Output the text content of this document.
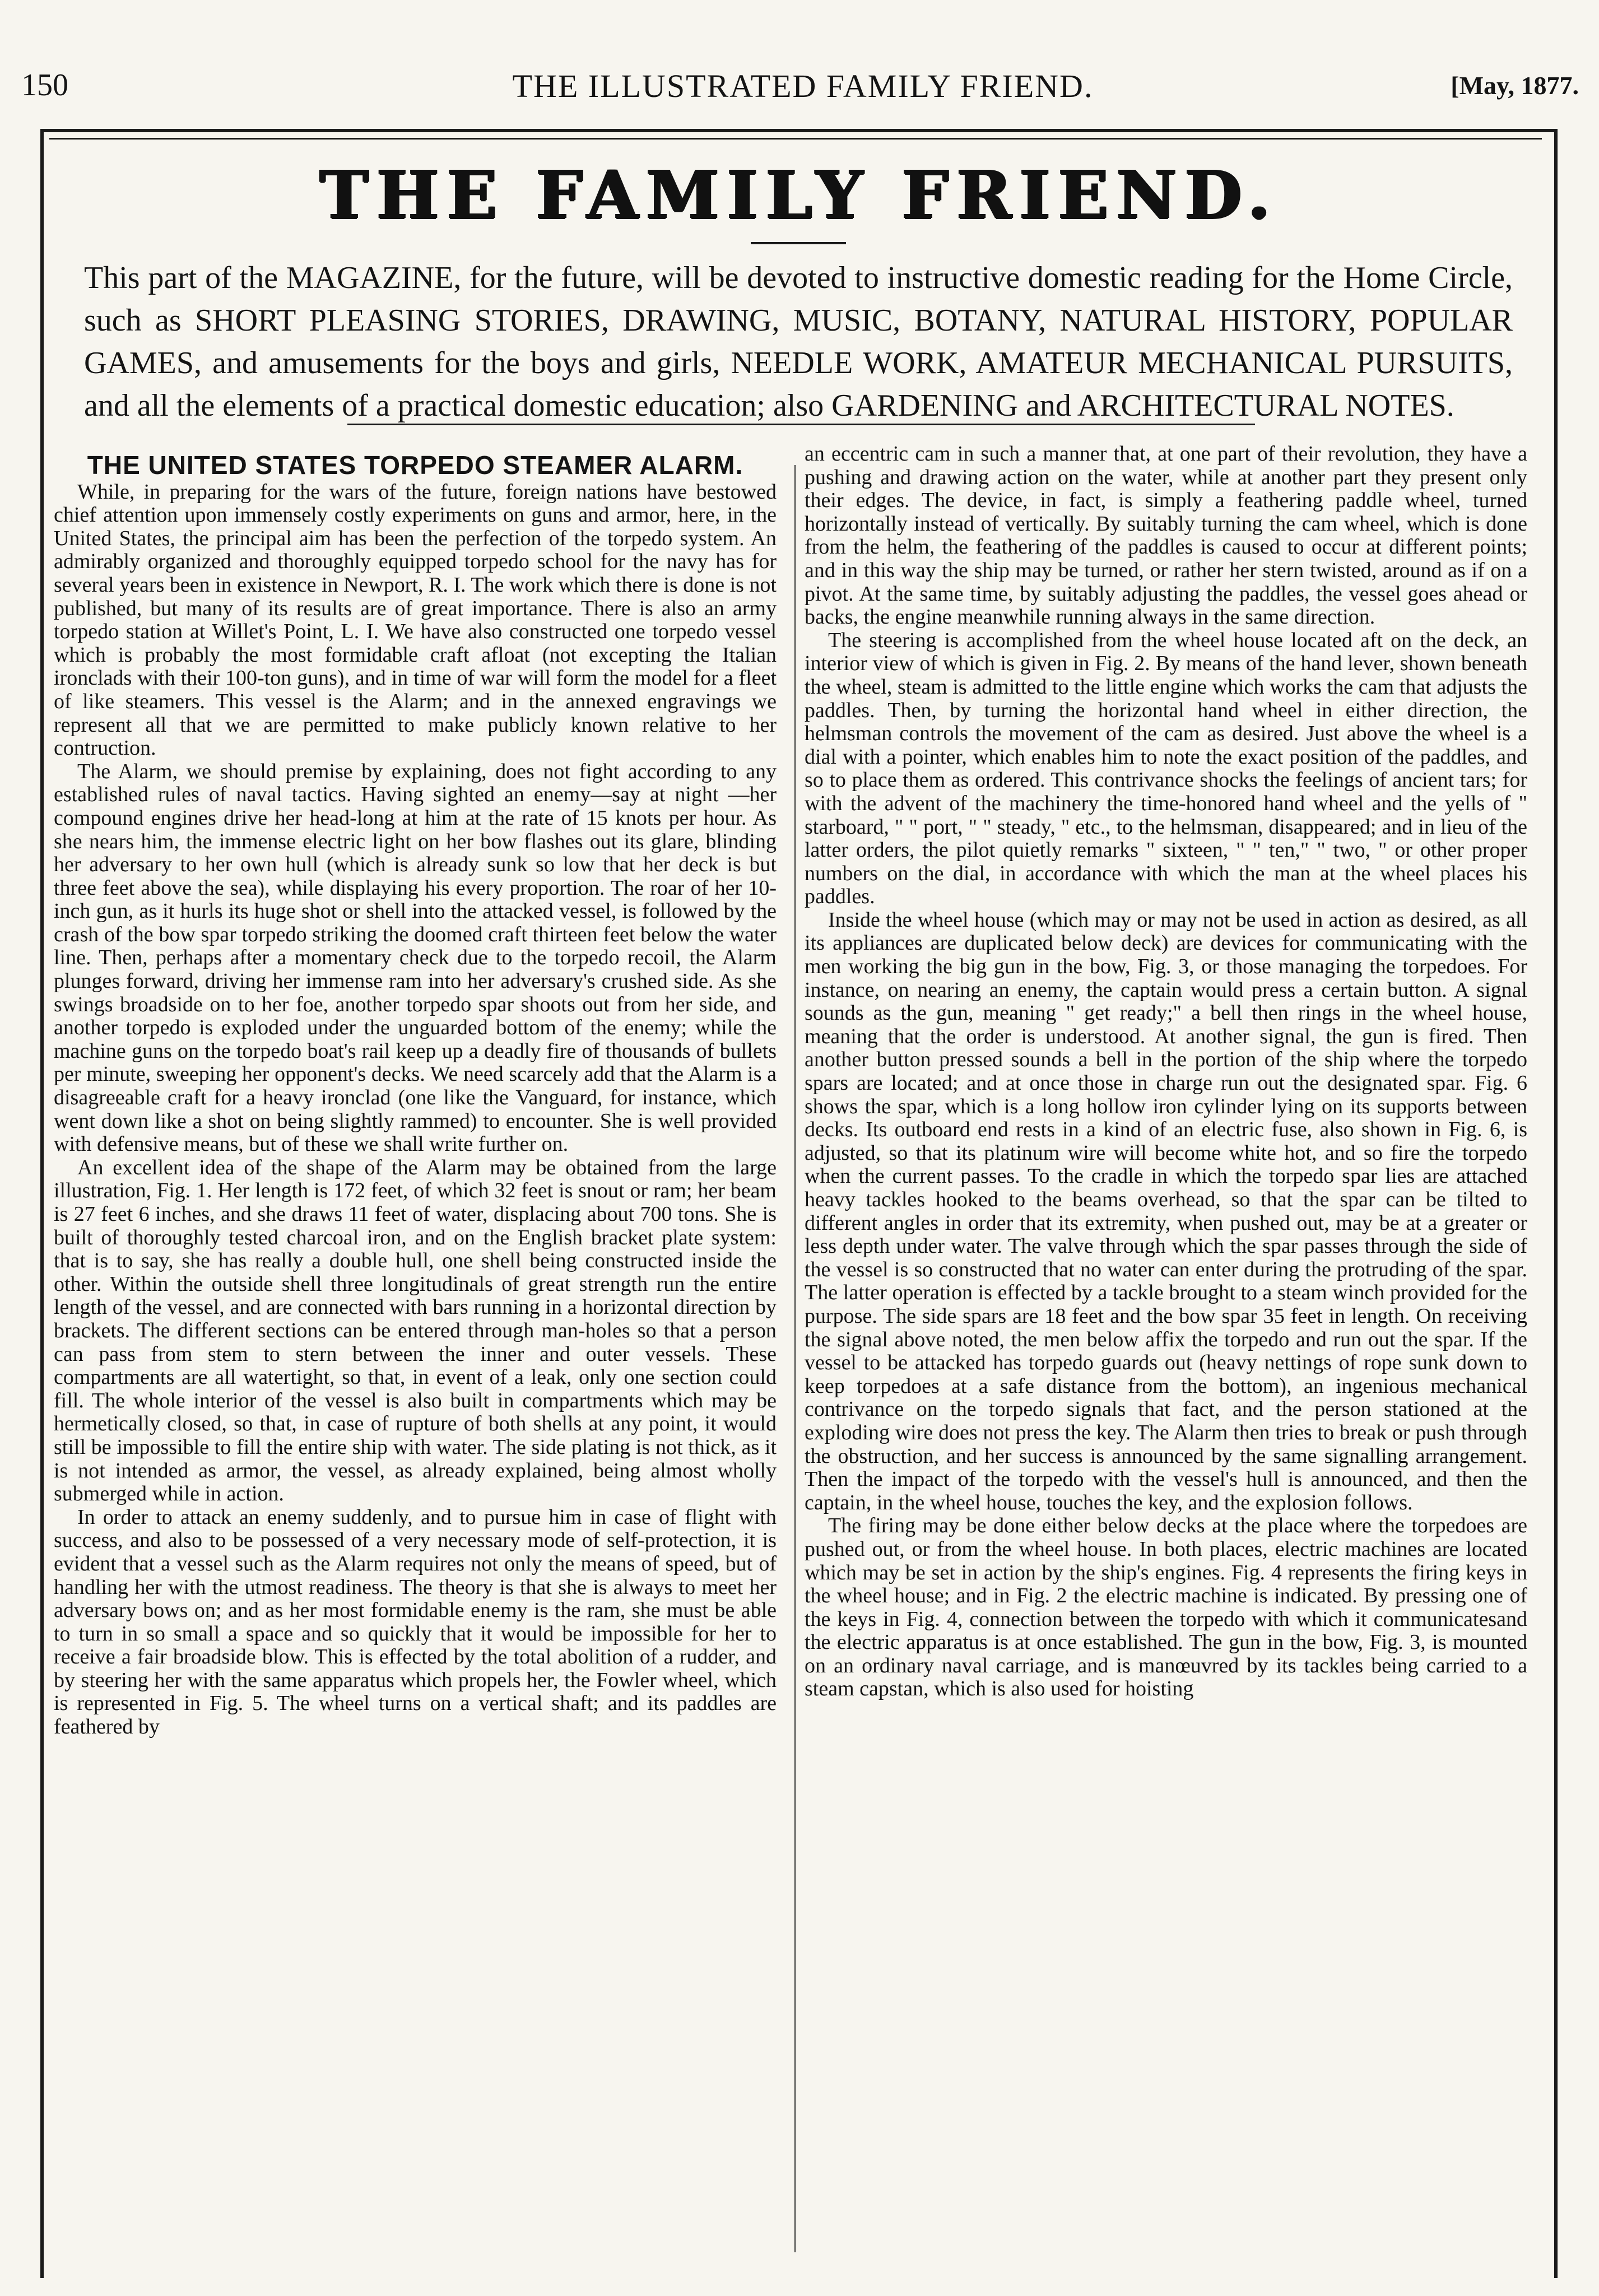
150	THE ILLUSTRATED FAMILY FRIEND.	[May, 1877.
THE FAMILY FRIEND.
This part of the MAGAZINE, for the future, will be devoted to instructive domestic reading for the Home Circle, such as SHORT PLEASING STORIES, DRAWING, MUSIC, BOTANY, NATURAL HISTORY, POPULAR GAMES, and amusements for the boys and girls, NEEDLE WORK, AMATEUR MECHANICAL PURSUITS, and all the elements of a practical domestic education; also GARDENING and ARCHITECTURAL NOTES.
THE UNITED STATES TORPEDO STEAMER ALARM.

While, in preparing for the wars of the future, foreign nations have bestowed chief attention upon immensely costly experiments on guns and armor, here, in the United States, the principal aim has been the perfection of the torpedo system. An admirably organized and thoroughly equipped torpedo school for the navy has for several years been in existence in Newport, R. I. The work which there is done is not published, but many of its results are of great importance. There is also an army torpedo station at Willet's Point, L. I. We have also constructed one torpedo vessel which is probably the most formidable craft afloat (not excepting the Italian ironclads with their 100-ton guns), and in time of war will form the model for a fleet of like steamers. This vessel is the Alarm; and in the annexed engravings we represent all that we are permitted to make publicly known relative to her contruction.

The Alarm, we should premise by explaining, does not fight according to any established rules of naval tactics. Having sighted an enemy—say at night —her compound engines drive her head-long at him at the rate of 15 knots per hour. As she nears him, the immense electric light on her bow flashes out its glare, blinding her adversary to her own hull (which is already sunk so low that her deck is but three feet above the sea), while displaying his every proportion. The roar of her 10-inch gun, as it hurls its huge shot or shell into the attacked vessel, is followed by the crash of the bow spar torpedo striking the doomed craft thirteen feet below the water line. Then, perhaps after a momentary check due to the torpedo recoil, the Alarm plunges forward, driving her immense ram into her adversary's crushed side. As she swings broadside on to her foe, another torpedo spar shoots out from her side, and another torpedo is exploded under the unguarded bottom of the enemy; while the machine guns on the torpedo boat's rail keep up a deadly fire of thousands of bullets per minute, sweeping her opponent's decks. We need scarcely add that the Alarm is a disagreeable craft for a heavy ironclad (one like the Vanguard, for instance, which went down like a shot on being slightly rammed) to encounter. She is well provided with defensive means, but of these we shall write further on.

An excellent idea of the shape of the Alarm may be obtained from the large illustration, Fig. 1. Her length is 172 feet, of which 32 feet is snout or ram; her beam is 27 feet 6 inches, and she draws 11 feet of water, displacing about 700 tons. She is built of thoroughly tested charcoal iron, and on the English bracket plate system: that is to say, she has really a double hull, one shell being constructed inside the other. Within the outside shell three longitudinals of great strength run the entire length of the vessel, and are connected with bars running in a horizontal direction by brackets. The different sections can be entered through man-holes so that a person can pass from stem to stern between the inner and outer vessels. These compartments are all watertight, so that, in event of a leak, only one section could fill. The whole interior of the vessel is also built in compartments which may be hermetically closed, so that, in case of rupture of both shells at any point, it would still be impossible to fill the entire ship with water. The side plating is not thick, as it is not intended as armor, the vessel, as already explained, being almost wholly submerged while in action.

In order to attack an enemy suddenly, and to pursue him in case of flight with success, and also to be possessed of a very necessary mode of self-protection, it is evident that a vessel such as the Alarm requires not only the means of speed, but of handling her with the utmost readiness. The theory is that she is always to meet her adversary bows on; and as her most formidable enemy is the ram, she must be able to turn in so small a space and so quickly that it would be impossible for her to receive a fair broadside blow. This is effected by the total abolition of a rudder, and by steering her with the same apparatus which propels her, the Fowler wheel, which is represented in Fig. 5. The wheel turns on a vertical shaft; and its paddles are feathered by

an eccentric cam in such a manner that, at one part of their revolution, they have a pushing and drawing action on the water, while at another part they present only their edges. The device, in fact, is simply a feathering paddle wheel, turned horizontally instead of vertically. By suitably turning the cam wheel, which is done from the helm, the feathering of the paddles is caused to occur at different points; and in this way the ship may be turned, or rather her stern twisted, around as if on a pivot. At the same time, by suitably adjusting the paddles, the vessel goes ahead or backs, the engine meanwhile running always in the same direction.

The steering is accomplished from the wheel house located aft on the deck, an interior view of which is given in Fig. 2. By means of the hand lever, shown beneath the wheel, steam is admitted to the little engine which works the cam that adjusts the paddles. Then, by turning the horizontal hand wheel in either direction, the helmsman controls the movement of the cam as desired. Just above the wheel is a dial with a pointer, which enables him to note the exact position of the paddles, and so to place them as ordered. This contrivance shocks the feelings of ancient tars; for with the advent of the machinery the time-honored hand wheel and the yells of " starboard, " " port, " " steady, " etc., to the helmsman, disappeared; and in lieu of the latter orders, the pilot quietly remarks " sixteen, " " ten," " two, " or other proper numbers on the dial, in accordance with which the man at the wheel places his paddles.

Inside the wheel house (which may or may not be used in action as desired, as all its appliances are duplicated below deck) are devices for communicating with the men working the big gun in the bow, Fig. 3, or those managing the torpedoes. For instance, on nearing an enemy, the captain would press a certain button. A signal sounds as the gun, meaning " get ready;" a bell then rings in the wheel house, meaning that the order is understood. At another signal, the gun is fired. Then another button pressed sounds a bell in the portion of the ship where the torpedo spars are located; and at once those in charge run out the designated spar. Fig. 6 shows the spar, which is a long hollow iron cylinder lying on its supports between decks. Its outboard end rests in a kind of an electric fuse, also shown in Fig. 6, is adjusted, so that its platinum wire will become white hot, and so fire the torpedo when the current passes. To the cradle in which the torpedo spar lies are attached heavy tackles hooked to the beams overhead, so that the spar can be tilted to different angles in order that its extremity, when pushed out, may be at a greater or less depth under water. The valve through which the spar passes through the side of the vessel is so constructed that no water can enter during the protruding of the spar. The latter operation is effected by a tackle brought to a steam winch provided for the purpose. The side spars are 18 feet and the bow spar 35 feet in length. On receiving the signal above noted, the men below affix the torpedo and run out the spar. If the vessel to be attacked has torpedo guards out (heavy nettings of rope sunk down to keep torpedoes at a safe distance from the bottom), an ingenious mechanical contrivance on the torpedo signals that fact, and the person stationed at the exploding wire does not press the key. The Alarm then tries to break or push through the obstruction, and her success is announced by the same signalling arrangement. Then the impact of the torpedo with the vessel's hull is announced, and then the captain, in the wheel house, touches the key, and the explosion follows.

The firing may be done either below decks at the place where the torpedoes are pushed out, or from the wheel house. In both places, electric machines are located which may be set in action by the ship's engines. Fig. 4 represents the firing keys in the wheel house; and in Fig. 2 the electric machine is indicated. By pressing one of the keys in Fig. 4, connection between the torpedo with which it communicatesand the electric apparatus is at once established. The gun in the bow, Fig. 3, is mounted on an ordinary naval carriage, and is manœuvred by its tackles being carried to a steam capstan, which is also used for hoisting
